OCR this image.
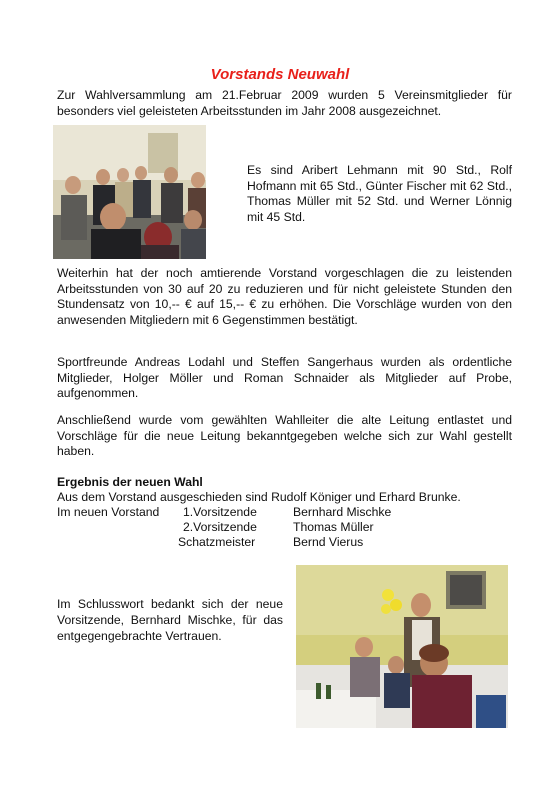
Vorstands Neuwahl

Zur Wahlversammlung am 21.Februar 2009 wurden 5 Vereinsmitglieder für besonders viel geleisteten Arbeitsstunden im Jahr 2008 ausgezeichnet.

Es sind Aribert Lehmann mit 90 Std., Rolf Hofmann mit 65 Std., Günter Fischer mit 62 Std., Thomas Müller mit 52 Std. und Werner Lönnig mit 45 Std.

Weiterhin hat der noch amtierende Vorstand vorgeschlagen die zu leistenden Arbeitsstunden von 30 auf 20 zu reduzieren und für nicht geleistete Stunden den Stundensatz von 10,-- € auf 15,-- € zu erhöhen. Die Vorschläge wurden von den anwesenden Mitgliedern mit 6 Gegenstimmen bestätigt.

Sportfreunde Andreas Lodahl und Steffen Sangerhaus wurden als ordentliche Mitglieder, Holger Möller und Roman Schnaider als Mitglieder auf Probe, aufgenommen.

Anschließend wurde vom gewählten Wahlleiter die alte Leitung entlastet und Vorschläge für die neue Leitung bekanntgegeben welche sich zur Wahl gestellt haben.

Ergebnis der neuen Wahl

Aus dem Vorstand ausgeschieden sind Rudolf Königer und Erhard Brunke.

Im neuen Vorstand 1.Vorsitzende	Bernhard Mischke

2.Vorsitzende	Thomas Müller

Schatzmeister	Bernd Vierus

Im Schlusswort bedankt sich der neue Vorsitzende, Bernhard Mischke, für das entgegengebrachte Vertrauen.
